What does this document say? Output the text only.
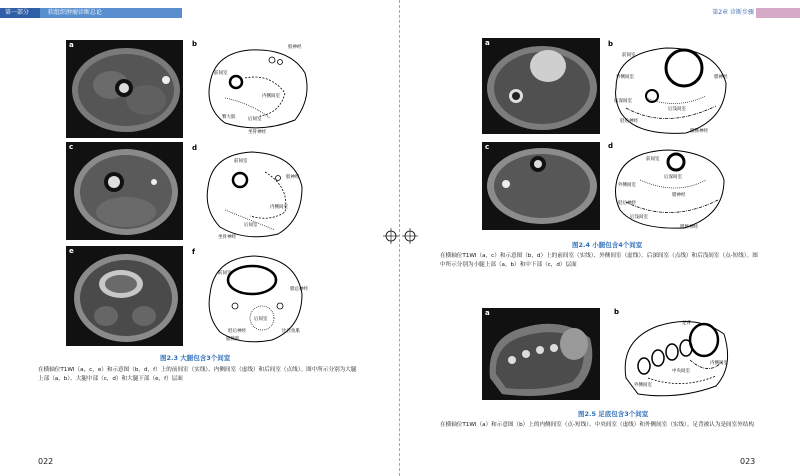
第一部分	软组织肿瘤诊断总论
a
c
e
b	股神经
前间室
内侧间室
后间室
坐骨神经
臀大肌
d
前间室
股神经
内侧间室
后间室
坐骨神经
f
前间室
腓总神经
胫后神经
后间室
腓肠肌
比目鱼肌
图2.3 大腿包含3个间室
在横轴位T1WI（a，c，e）和示意图（b，d，f）上的前间室（实线）、内侧间室（虚线）和后间室（点线）。图中所示分别为大腿上部（a，b）、大腿中部（c，d）和大腿下部（e，f）层面
022
第2章 诊断步骤
a
c
b
前间室
外侧间室	腓神经
后深间室
后浅间室
胫后神经
腓肠神经
d
前间室
外侧间室
后深间室
腓神经
后浅间室
胫后神经
腓肠神经
图2.4 小腿包含4个间室
在横轴位T1WI（a，c）和示意图（b，d）上的前间室（实线）、外侧间室（虚线）、后深间室（点线）和后浅间室（点-短线）。图中所示分别为小腿上部（a，b）和中下部（c，d）层面
a	b
足背
内侧间室
中央间室
外侧间室
图2.5 足底包含3个间室
在横轴位T1WI（a）和示意图（b）上的内侧间室（点-短线）、中央间室（虚线）和外侧间室（实线）。足背被认为是间室外结构
023
